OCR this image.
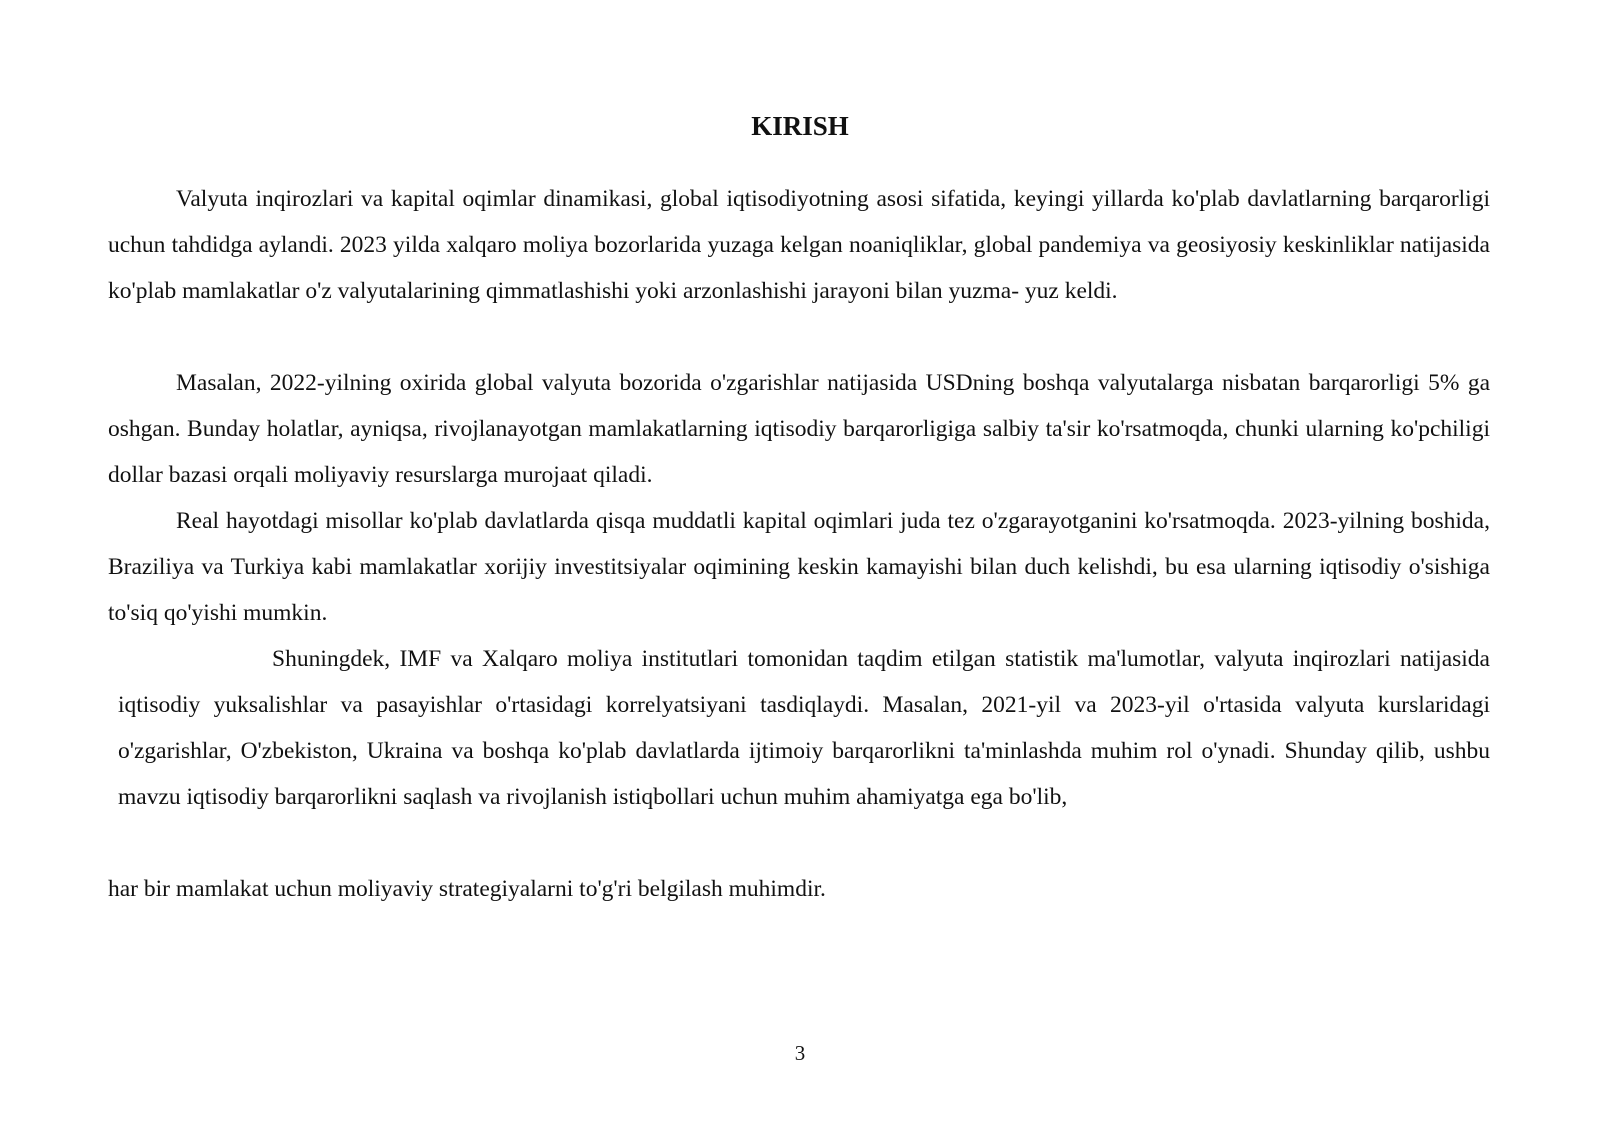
KIRISH

Valyuta inqirozlari va kapital oqimlar dinamikasi, global iqtisodiyotning asosi sifatida, keyingi yillarda ko'plab davlatlarning barqarorligi uchun tahdidga aylandi. 2023 yilda xalqaro moliya bozorlarida yuzaga kelgan noaniqliklar, global pandemiya va geosiyosiy keskinliklar natijasida ko'plab mamlakatlar o'z valyutalarining qimmatlashishi yoki arzonlashishi jarayoni bilan yuzma- yuz keldi.

Masalan, 2022-yilning oxirida global valyuta bozorida o'zgarishlar natijasida USDning boshqa valyutalarga nisbatan barqarorligi 5% ga oshgan. Bunday holatlar, ayniqsa, rivojlanayotgan mamlakatlarning iqtisodiy barqarorligiga salbiy ta'sir ko'rsatmoqda, chunki ularning ko'pchiligi dollar bazasi orqali moliyaviy resurslarga murojaat qiladi.

Real hayotdagi misollar ko'plab davlatlarda qisqa muddatli kapital oqimlari juda tez o'zgarayotganini ko'rsatmoqda. 2023-yilning boshida, Braziliya va Turkiya kabi mamlakatlar xorijiy investitsiyalar oqimining keskin kamayishi bilan duch kelishdi, bu esa ularning iqtisodiy o'sishiga to'siq qo'yishi mumkin.

Shuningdek, IMF va Xalqaro moliya institutlari tomonidan taqdim etilgan statistik ma'lumotlar, valyuta inqirozlari natijasida iqtisodiy yuksalishlar va pasayishlar o'rtasidagi korrelyatsiyani tasdiqlaydi. Masalan, 2021-yil va 2023-yil o'rtasida valyuta kurslaridagi o'zgarishlar, O'zbekiston, Ukraina va boshqa ko'plab davlatlarda ijtimoiy barqarorlikni ta'minlashda muhim rol o'ynadi. Shunday qilib, ushbu mavzu iqtisodiy barqarorlikni saqlash va rivojlanish istiqbollari uchun muhim ahamiyatga ega bo'lib,

har bir mamlakat uchun moliyaviy strategiyalarni to'g'ri belgilash muhimdir.
3
